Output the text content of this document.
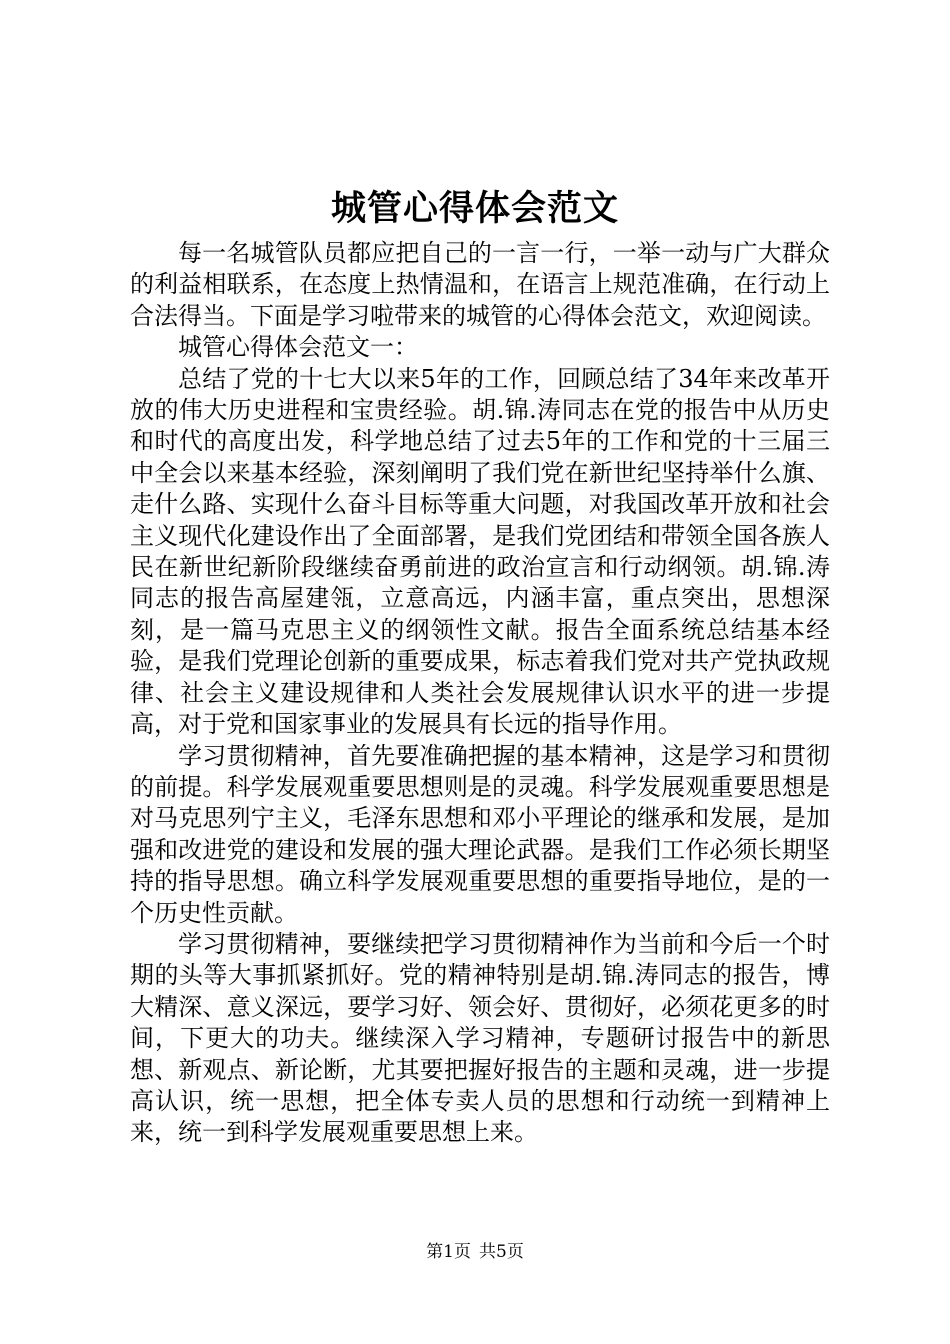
城管心得体会范文

每一名城管队员都应把自己的一言一行，一举一动与广大群众的利益相联系，在态度上热情温和，在语言上规范准确，在行动上合法得当。下面是学习啦带来的城管的心得体会范文，欢迎阅读。

城管心得体会范文一：

总结了党的十七大以来5年的工作，回顾总结了34年来改革开放的伟大历史进程和宝贵经验。胡.锦.涛同志在党的报告中从历史和时代的高度出发，科学地总结了过去5年的工作和党的十三届三中全会以来基本经验，深刻阐明了我们党在新世纪坚持举什么旗、走什么路、实现什么奋斗目标等重大问题，对我国改革开放和社会主义现代化建设作出了全面部署，是我们党团结和带领全国各族人民在新世纪新阶段继续奋勇前进的政治宣言和行动纲领。胡.锦.涛同志的报告高屋建瓴，立意高远，内涵丰富，重点突出，思想深刻，是一篇马克思主义的纲领性文献。报告全面系统总结基本经验，是我们党理论创新的重要成果，标志着我们党对共产党执政规律、社会主义建设规律和人类社会发展规律认识水平的进一步提高，对于党和国家事业的发展具有长远的指导作用。

学习贯彻精神，首先要准确把握的基本精神，这是学习和贯彻的前提。科学发展观重要思想则是的灵魂。科学发展观重要思想是对马克思列宁主义，毛泽东思想和邓小平理论的继承和发展，是加强和改进党的建设和发展的强大理论武器。是我们工作必须长期坚持的指导思想。确立科学发展观重要思想的重要指导地位，是的一个历史性贡献。

学习贯彻精神，要继续把学习贯彻精神作为当前和今后一个时期的头等大事抓紧抓好。党的精神特别是胡.锦.涛同志的报告，博大精深、意义深远，要学习好、领会好、贯彻好，必须花更多的时间，下更大的功夫。继续深入学习精神，专题研讨报告中的新思想、新观点、新论断，尤其要把握好报告的主题和灵魂，进一步提高认识，统一思想，把全体专卖人员的思想和行动统一到精神上来，统一到科学发展观重要思想上来。

第1页 共5页
